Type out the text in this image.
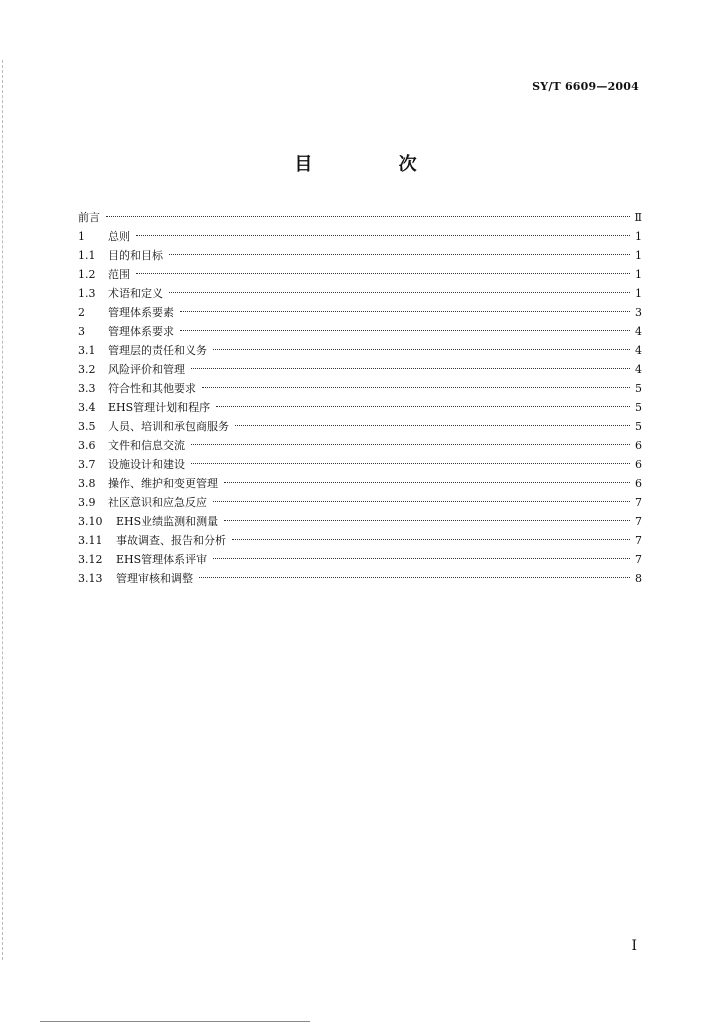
SY/T 6609—2004
目 次
前言	Ⅱ
1	总则	1
1.1 目的和目标	1
1.2 范围	1
1.3 术语和定义	1
2	管理体系要素	3
3	管理体系要求	4
3.1 管理层的责任和义务	4
3.2 风险评价和管理	4
3.3 符合性和其他要求	5
3.4 EHS管理计划和程序	5
3.5 人员、培训和承包商服务	5
3.6 文件和信息交流	6
3.7 设施设计和建设	6
3.8 操作、维护和变更管理	6
3.9 社区意识和应急反应	7
3.10	EHS业绩监测和测量	7
3.11	事故调查、报告和分析	7
3.12	EHS管理体系评审	7
3.13	管理审核和调整	8
I
